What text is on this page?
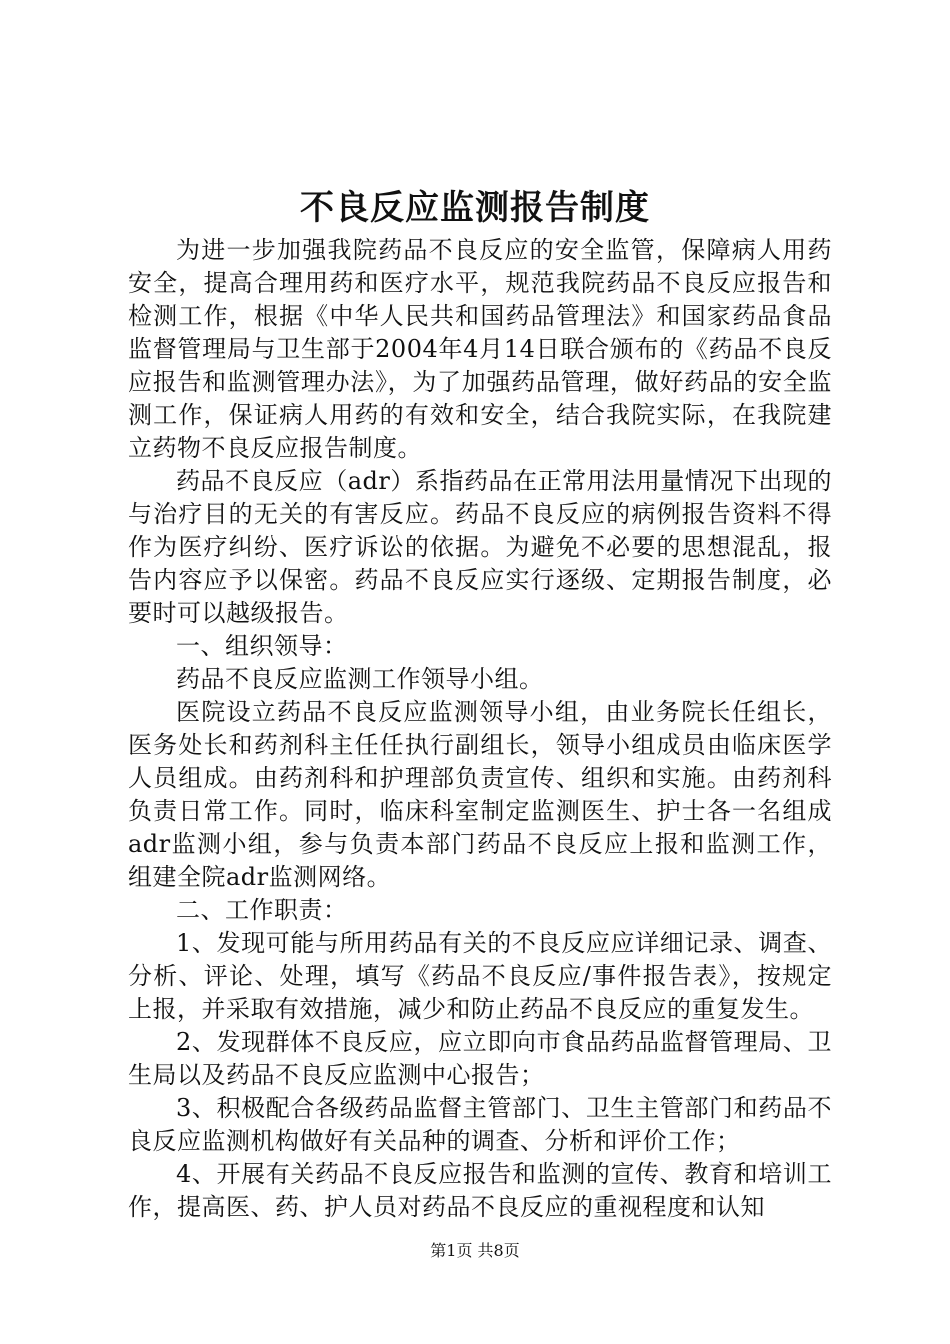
不良反应监测报告制度

为进一步加强我院药品不良反应的安全监管，保障病人用药安全，提高合理用药和医疗水平，规范我院药品不良反应报告和检测工作，根据《中华人民共和国药品管理法》和国家药品食品监督管理局与卫生部于2004年4月14日联合颁布的《药品不良反应报告和监测管理办法》，为了加强药品管理，做好药品的安全监测工作，保证病人用药的有效和安全，结合我院实际，在我院建立药物不良反应报告制度。

药品不良反应（adr）系指药品在正常用法用量情况下出现的与治疗目的无关的有害反应。药品不良反应的病例报告资料不得作为医疗纠纷、医疗诉讼的依据。为避免不必要的思想混乱，报告内容应予以保密。药品不良反应实行逐级、定期报告制度，必要时可以越级报告。

一、组织领导：

药品不良反应监测工作领导小组。

医院设立药品不良反应监测领导小组，由业务院长任组长，医务处长和药剂科主任任执行副组长，领导小组成员由临床医学人员组成。由药剂科和护理部负责宣传、组织和实施。由药剂科负责日常工作。同时，临床科室制定监测医生、护士各一名组成adr监测小组，参与负责本部门药品不良反应上报和监测工作，组建全院adr监测网络。

二、工作职责：

1、发现可能与所用药品有关的不良反应应详细记录、调查、分析、评论、处理，填写《药品不良反应/事件报告表》，按规定上报，并采取有效措施，减少和防止药品不良反应的重复发生。

2、发现群体不良反应，应立即向市食品药品监督管理局、卫生局以及药品不良反应监测中心报告；

3、积极配合各级药品监督主管部门、卫生主管部门和药品不良反应监测机构做好有关品种的调查、分析和评价工作；

4、开展有关药品不良反应报告和监测的宣传、教育和培训工作，提高医、药、护人员对药品不良反应的重视程度和认知

第1页 共8页
